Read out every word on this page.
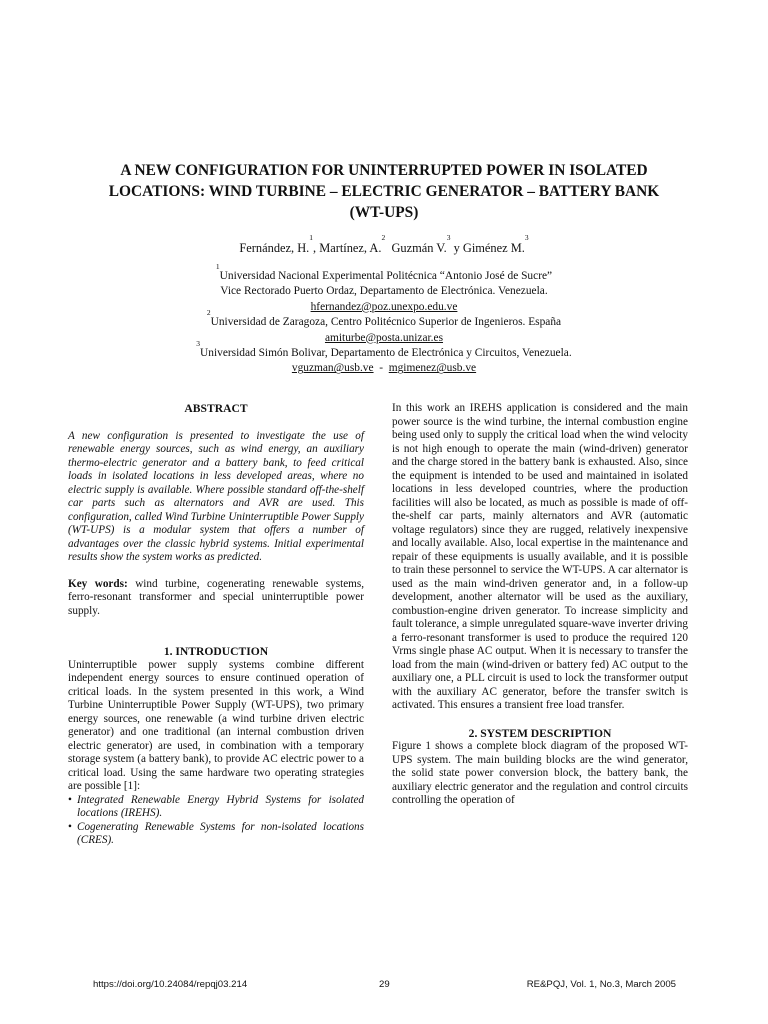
A NEW CONFIGURATION FOR UNINTERRUPTED POWER IN ISOLATED
LOCATIONS: WIND TURBINE – ELECTRIC GENERATOR – BATTERY BANK
(WT-UPS)
Fernández, H.$^1$, Martínez, A.$^2$  Guzmán V.$^3$ y Giménez M.$^3$
$^1$Universidad Nacional Experimental Politécnica “Antonio José de Sucre”
Vice Rectorado Puerto Ordaz, Departamento de Electrónica. Venezuela.
hfernandez@poz.unexpo.edu.ve
$^2$Universidad de Zaragoza, Centro Politécnico Superior de Ingenieros. España
amiturbe@posta.unizar.es
$^3$Universidad Simón Bolivar, Departamento de Electrónica y Circuitos, Venezuela.
vguzman@usb.ve - mgimenez@usb.ve

ABSTRACT

A new configuration is presented to investigate the use of renewable energy sources, such as wind energy, an auxiliary thermo-electric generator and a battery bank, to feed critical loads in isolated locations in less developed areas, where no electric supply is available. Where possible standard off-the-shelf car parts such as alternators and AVR are used. This configuration, called Wind Turbine Uninterruptible Power Supply (WT-UPS) is a modular system that offers a number of advantages over the classic hybrid systems. Initial experimental results show the system works as predicted.

Key words: wind turbine, cogenerating renewable systems, ferro-resonant transformer and special uninterruptible power supply.

1. INTRODUCTION

Uninterruptible power supply systems combine different independent energy sources to ensure continued operation of critical loads. In the system presented in this work, a Wind Turbine Uninterruptible Power Supply (WT-UPS), two primary energy sources, one renewable (a wind turbine driven electric generator) and one traditional (an internal combustion driven electric generator) are used, in combination with a temporary storage system (a battery bank), to provide AC electric power to a critical load. Using the same hardware two operating strategies are possible [1]:

• Integrated Renewable Energy Hybrid Systems for isolated locations (IREHS).
• Cogenerating Renewable Systems for non-isolated locations (CRES).

In this work an IREHS application is considered and the main power source is the wind turbine, the internal combustion engine being used only to supply the critical load when the wind velocity is not high enough to operate the main (wind-driven) generator and the charge stored in the battery bank is exhausted. Also, since the equipment is intended to be used and maintained in isolated locations in less developed countries, where the production facilities will also be located, as much as possible is made of off-the-shelf car parts, mainly alternators and AVR (automatic voltage regulators) since they are rugged, relatively inexpensive and locally available. Also, local expertise in the maintenance and repair of these equipments is usually available, and it is possible to train these personnel to service the WT-UPS. A car alternator is used as the main wind-driven generator and, in a follow-up development, another alternator will be used as the auxiliary, combustion-engine driven generator. To increase simplicity and fault tolerance, a simple unregulated square-wave inverter driving a ferro-resonant transformer is used to produce the required 120 Vrms single phase AC output. When it is necessary to transfer the load from the main (wind-driven or battery fed) AC output to the auxiliary one, a PLL circuit is used to lock the transformer output with the auxiliary AC generator, before the transfer switch is activated. This ensures a transient free load transfer.

2. SYSTEM DESCRIPTION

Figure 1 shows a complete block diagram of the proposed WT-UPS system. The main building blocks are the wind generator, the solid state power conversion block, the battery bank, the auxiliary electric generator and the regulation and control circuits controlling the operation of

https://doi.org/10.24084/repqj03.214	29	RE&PQJ, Vol. 1, No.3, March 2005
